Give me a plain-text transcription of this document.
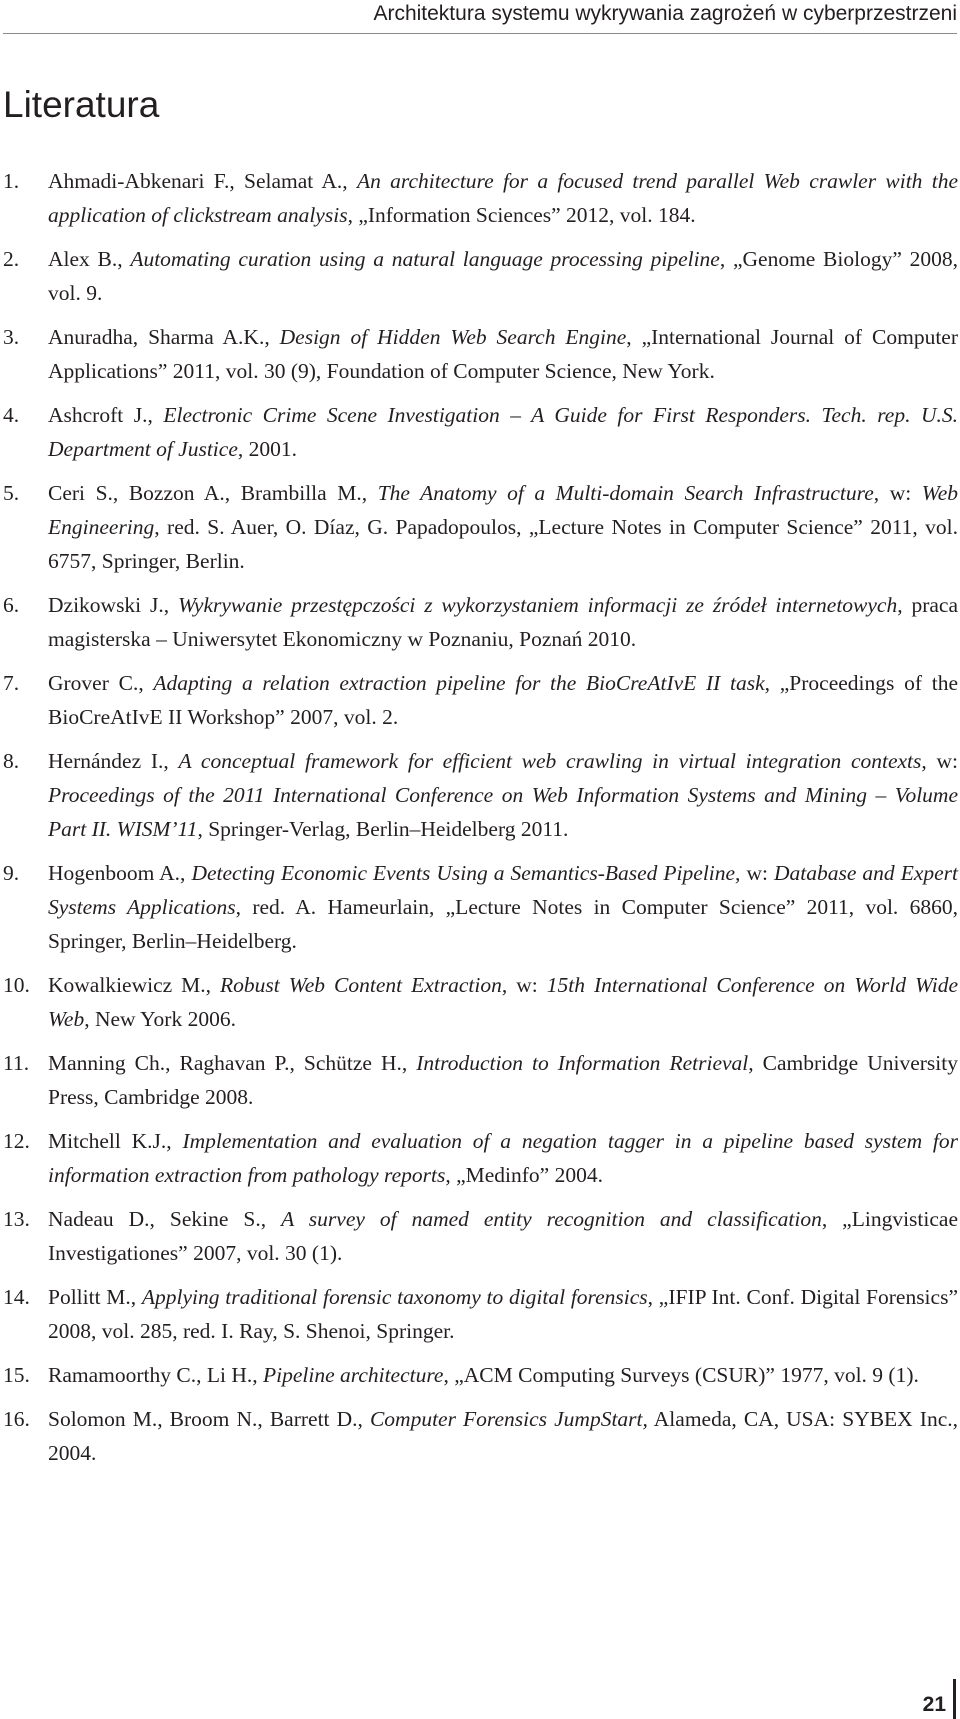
Architektura systemu wykrywania zagrożeń w cyberprzestrzeni
Literatura
1. Ahmadi-Abkenari F., Selamat A., An architecture for a focused trend parallel Web crawler with the application of clickstream analysis, „Information Sciences” 2012, vol. 184.
2. Alex B., Automating curation using a natural language processing pipeline, „Genome Biology” 2008, vol. 9.
3. Anuradha, Sharma A.K., Design of Hidden Web Search Engine, „International Journal of Computer Applications” 2011, vol. 30 (9), Foundation of Computer Science, New York.
4. Ashcroft J., Electronic Crime Scene Investigation – A Guide for First Responders. Tech. rep. U.S. Department of Justice, 2001.
5. Ceri S., Bozzon A., Brambilla M., The Anatomy of a Multi-domain Search Infrastructure, w: Web Engineering, red. S. Auer, O. Díaz, G. Papadopoulos, „Lecture Notes in Computer Science” 2011, vol. 6757, Springer, Berlin.
6. Dzikowski J., Wykrywanie przestępczości z wykorzystaniem informacji ze źródeł internetowych, praca magisterska – Uniwersytet Ekonomiczny w Poznaniu, Poznań 2010.
7. Grover C., Adapting a relation extraction pipeline for the BioCreAtIvE II task, „Proceedings of the BioCreAtIvE II Workshop” 2007, vol. 2.
8. Hernández I., A conceptual framework for efficient web crawling in virtual integration contexts, w: Proceedings of the 2011 International Conference on Web Information Systems and Mining – Volume Part II. WISM’11, Springer-Verlag, Berlin–Heidelberg 2011.
9. Hogenboom A., Detecting Economic Events Using a Semantics-Based Pipeline, w: Database and Expert Systems Applications, red. A. Hameurlain, „Lecture Notes in Computer Science” 2011, vol. 6860, Springer, Berlin–Heidelberg.
10. Kowalkiewicz M., Robust Web Content Extraction, w: 15th International Conference on World Wide Web, New York 2006.
11. Manning Ch., Raghavan P., Schütze H., Introduction to Information Retrieval, Cambridge University Press, Cambridge 2008.
12. Mitchell K.J., Implementation and evaluation of a negation tagger in a pipeline based system for information extraction from pathology reports, „Medinfo” 2004.
13. Nadeau D., Sekine S., A survey of named entity recognition and classification, „Lingvisticae Investigationes” 2007, vol. 30 (1).
14. Pollitt M., Applying traditional forensic taxonomy to digital forensics, „IFIP Int. Conf. Digital Forensics” 2008, vol. 285, red. I. Ray, S. Shenoi, Springer.
15. Ramamoorthy C., Li H., Pipeline architecture, „ACM Computing Surveys (CSUR)” 1977, vol. 9 (1).
16. Solomon M., Broom N., Barrett D., Computer Forensics JumpStart, Alameda, CA, USA: SYBEX Inc., 2004.
21
